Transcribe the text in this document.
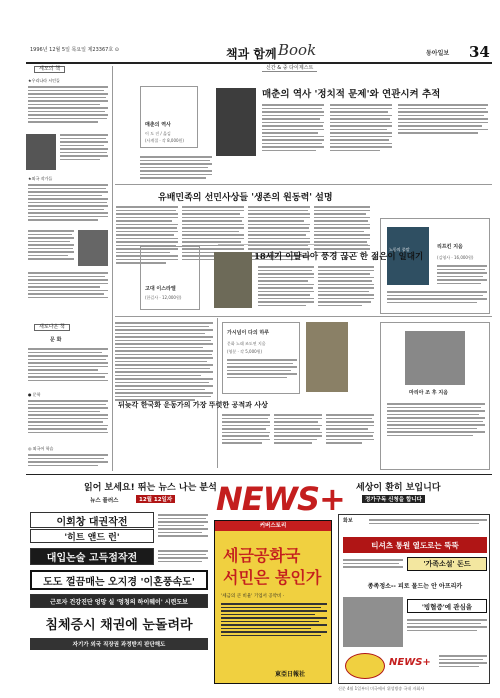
1996년 12월 5일 목요일 제23367호 ⊙	책과 함께 Book	동아일보 34
세모의 책
★우리나라 시인들
★외국 작가들
새로나온 책
문 화
● 문학
◎ 외국어 학습
신간 & 중 다이제스트
매춘의 역사
이 도 진 / 옮김
(사계절 · 각 8,000원)
매춘의 역사 '정치적 문제'와 연관시켜 추적
유배민족의 선민사상들 '생존의 원동력' 설명
노동의 종말	리프킨 지음
(김영사 · 16,000원)
고대 이스라엘
(한길사 · 12,000원)
18세기 이탈리아 풍경 끊곤 한 젊은이 일대기
가시넘이 다의 하루
문화 노래 조도연 지음
(영분 · 각 5,000원)
마리아 조 후 지음
뒤늦각 한국화 운동가의 가장 뚜렷한 공적과 사상
읽어 보세요! 뛰는 뉴스 나는 분석	세상이 환히 보입니다
뉴스 플러스	12월 12일자	정가구독 신청을 합니다
NEWS+
이회창 대권작전
'히트 앤드 런'
대입논술 고득점작전
도도 껄끔매는 오지경 '이혼풍속도'
근로자 건강진단 엉망 실 '멍청의 하이웨이' 시련도보
침체증시 채권에 눈돌려라
자기가 외국 직장권 과정받지 판단해도
커버스토리
세금공화국
서민은 봉인가
'세금의 큰 비율' 기업서 공약비 ·
東亞日報社
화보
티셔츠 통원 열도로는 뚝뚝
'가족소설' 돈드
종족정소-- 피로 물드는 안 아프리카
'빙혈증'에 관심을
NEWS+
신문 4월 1일부터 미국에서 위성방송 국내 자회사
